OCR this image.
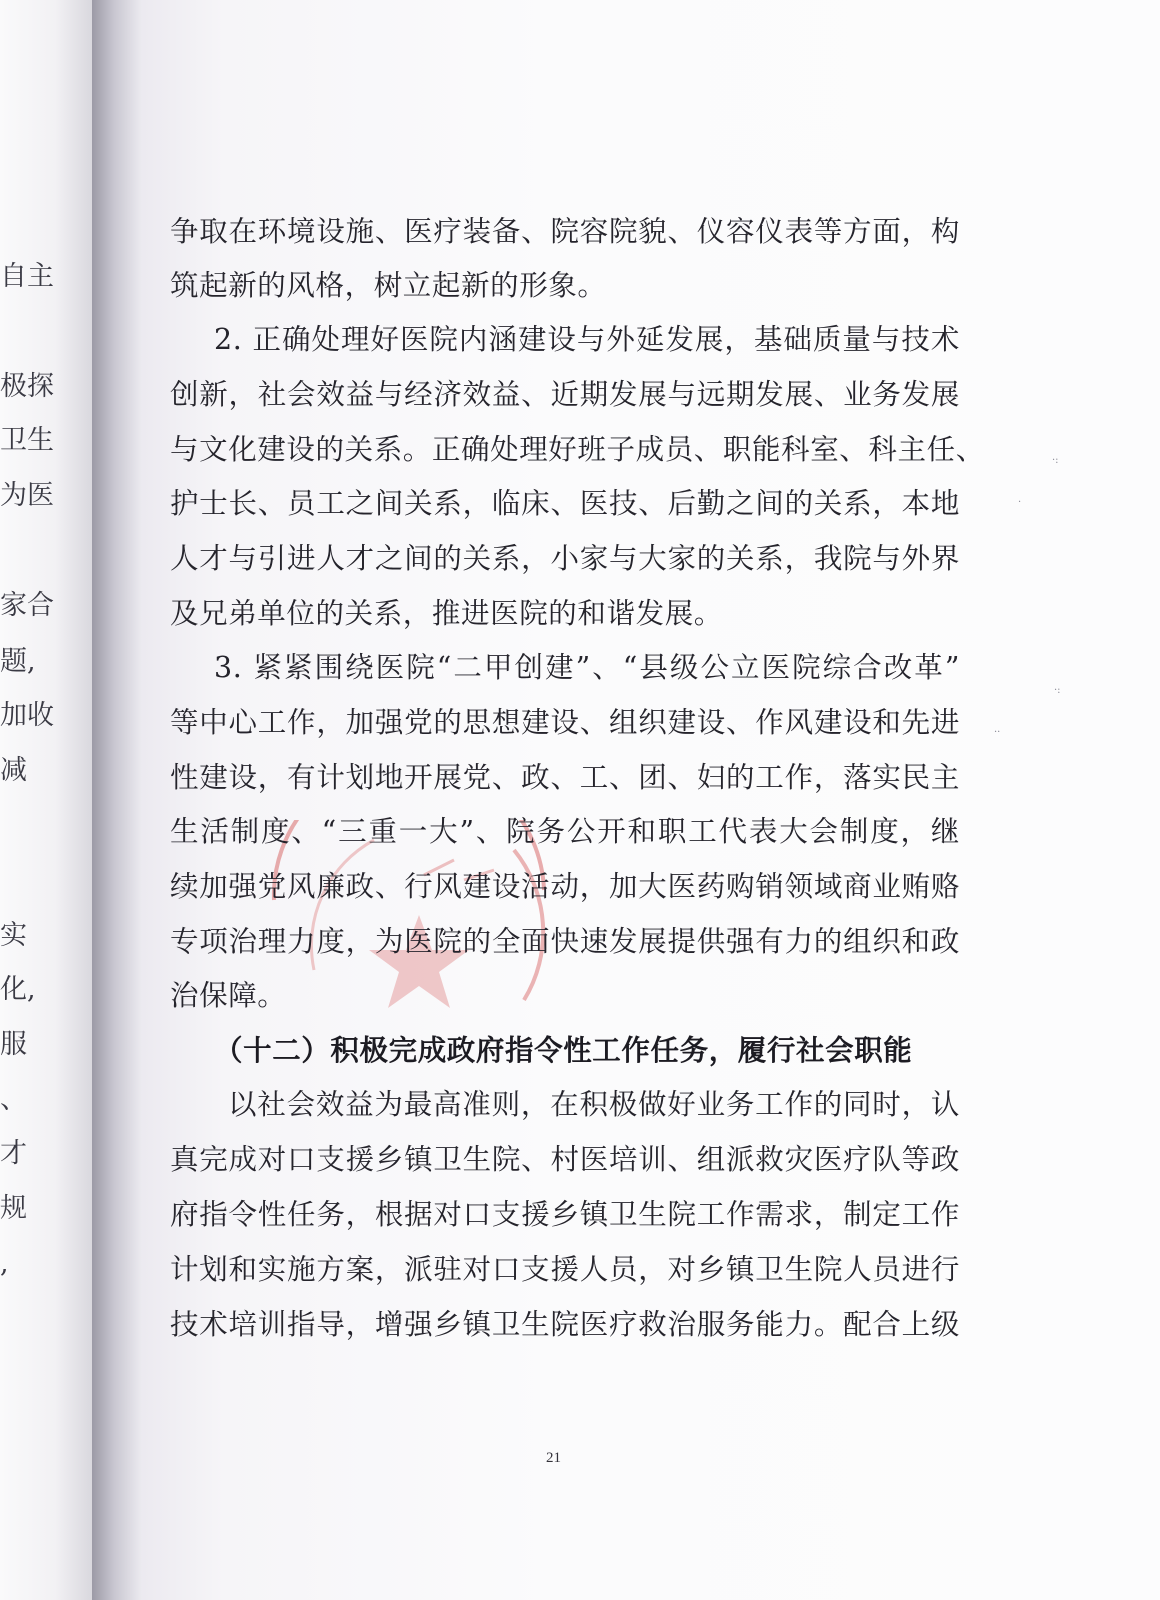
自主
极探
卫生
为医
家合
题,
加收
减
实
化,
服
、
才
规
,
争取在环境设施、医疗装备、院容院貌、仪容仪表等方面，构
筑起新的风格，树立起新的形象。
2. 正确处理好医院内涵建设与外延发展，基础质量与技术
创新，社会效益与经济效益、近期发展与远期发展、业务发展
与文化建设的关系。正确处理好班子成员、职能科室、科主任、
护士长、员工之间关系，临床、医技、后勤之间的关系，本地
人才与引进人才之间的关系，小家与大家的关系，我院与外界
及兄弟单位的关系，推进医院的和谐发展。
3. 紧紧围绕医院“二甲创建”、“县级公立医院综合改革”
等中心工作，加强党的思想建设、组织建设、作风建设和先进
性建设，有计划地开展党、政、工、团、妇的工作，落实民主
生活制度、“三重一大”、院务公开和职工代表大会制度，继
续加强党风廉政、行风建设活动，加大医药购销领域商业贿赂
专项治理力度，为医院的全面快速发展提供强有力的组织和政
治保障。
（十二）积极完成政府指令性工作任务，履行社会职能
以社会效益为最高准则，在积极做好业务工作的同时，认
真完成对口支援乡镇卫生院、村医培训、组派救灾医疗队等政
府指令性任务，根据对口支援乡镇卫生院工作需求，制定工作
计划和实施方案，派驻对口支援人员，对乡镇卫生院人员进行
技术培训指导，增强乡镇卫生院医疗救治服务能力。配合上级
21
·:
·
·:
··
